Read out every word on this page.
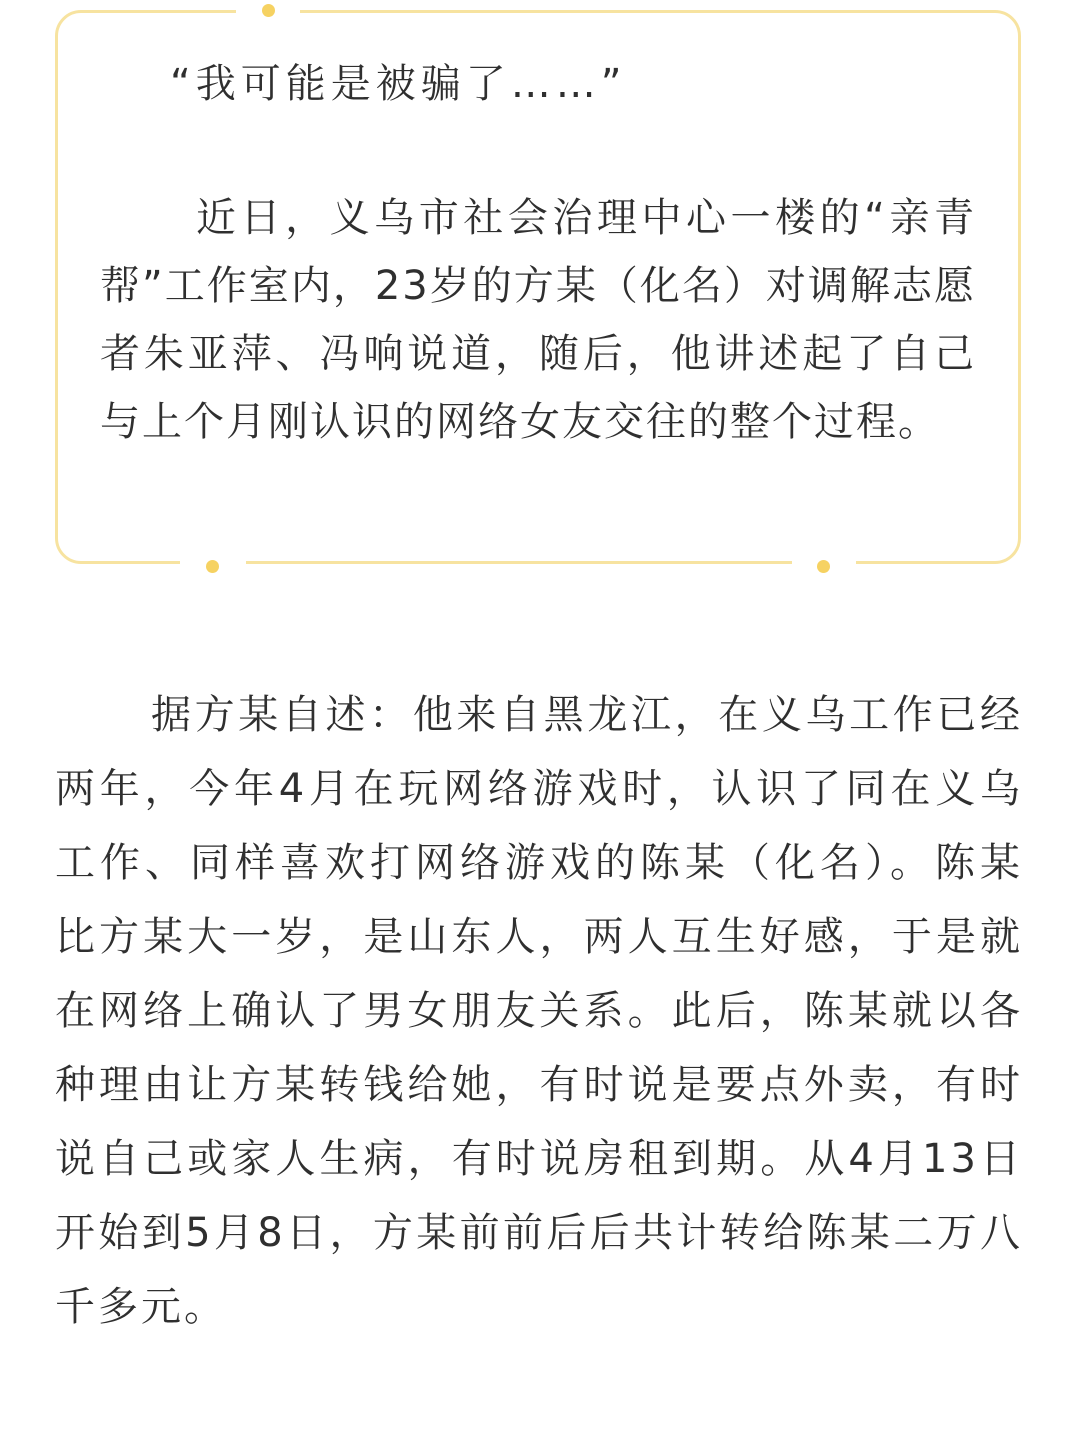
“我可能是被骗了……”

近日，义乌市社会治理中心一楼的“亲青帮”工作室内，23岁的方某（化名）对调解志愿者朱亚萍、冯响说道，随后，他讲述起了自己与上个月刚认识的网络女友交往的整个过程。

据方某自述：他来自黑龙江，在义乌工作已经两年，今年4月在玩网络游戏时，认识了同在义乌工作、同样喜欢打网络游戏的陈某（化名）。陈某比方某大一岁，是山东人，两人互生好感，于是就在网络上确认了男女朋友关系。此后，陈某就以各种理由让方某转钱给她，有时说是要点外卖，有时说自己或家人生病，有时说房租到期。从4月13日开始到5月8日，方某前前后后共计转给陈某二万八千多元。
